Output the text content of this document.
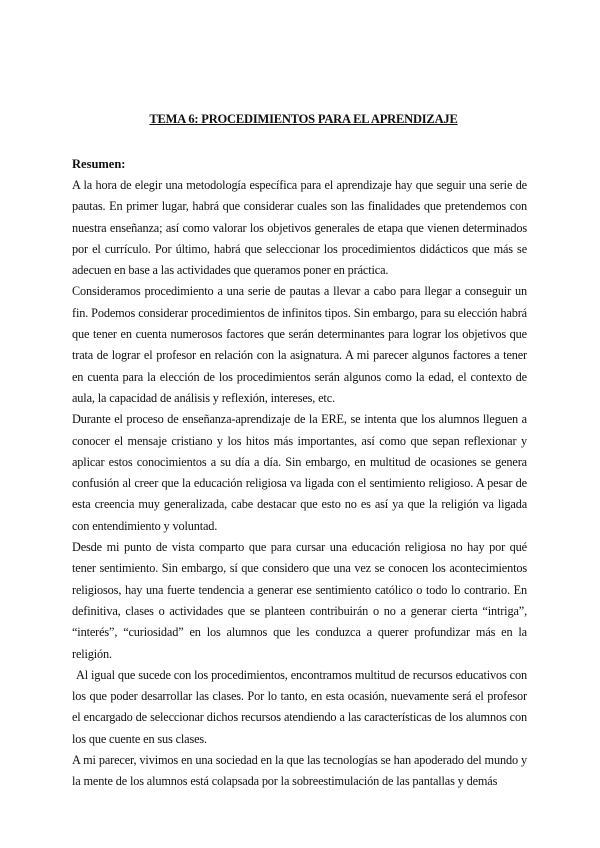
TEMA 6: PROCEDIMIENTOS PARA EL APRENDIZAJE
Resumen:

A la hora de elegir una metodología específica para el aprendizaje hay que seguir una serie de pautas. En primer lugar, habrá que considerar cuales son las finalidades que pretendemos con nuestra enseñanza; así como valorar los objetivos generales de etapa que vienen determinados por el currículo. Por último, habrá que seleccionar los procedimientos didácticos que más se adecuen en base a las actividades que queramos poner en práctica.

Consideramos procedimiento a una serie de pautas a llevar a cabo para llegar a conseguir un fin. Podemos considerar procedimientos de infinitos tipos. Sin embargo, para su elección habrá que tener en cuenta numerosos factores que serán determinantes para lograr los objetivos que trata de lograr el profesor en relación con la asignatura. A mi parecer algunos factores a tener en cuenta para la elección de los procedimientos serán algunos como la edad, el contexto de aula, la capacidad de análisis y reflexión, intereses, etc.

Durante el proceso de enseñanza-aprendizaje de la ERE, se intenta que los alumnos lleguen a conocer el mensaje cristiano y los hitos más importantes, así como que sepan reflexionar y aplicar estos conocimientos a su día a día. Sin embargo, en multitud de ocasiones se genera confusión al creer que la educación religiosa va ligada con el sentimiento religioso. A pesar de esta creencia muy generalizada, cabe destacar que esto no es así ya que la religión va ligada con entendimiento y voluntad.

Desde mi punto de vista comparto que para cursar una educación religiosa no hay por qué tener sentimiento. Sin embargo, sí que considero que una vez se conocen los acontecimientos religiosos, hay una fuerte tendencia a generar ese sentimiento católico o todo lo contrario. En definitiva, clases o actividades que se planteen contribuirán o no a generar cierta “intriga”, “interés”, “curiosidad” en los alumnos que les conduzca a querer profundizar más en la religión.

Al igual que sucede con los procedimientos, encontramos multitud de recursos educativos con los que poder desarrollar las clases. Por lo tanto, en esta ocasión, nuevamente será el profesor el encargado de seleccionar dichos recursos atendiendo a las características de los alumnos con los que cuente en sus clases.

A mi parecer, vivimos en una sociedad en la que las tecnologías se han apoderado del mundo y la mente de los alumnos está colapsada por la sobreestimulación de las pantallas y demás
